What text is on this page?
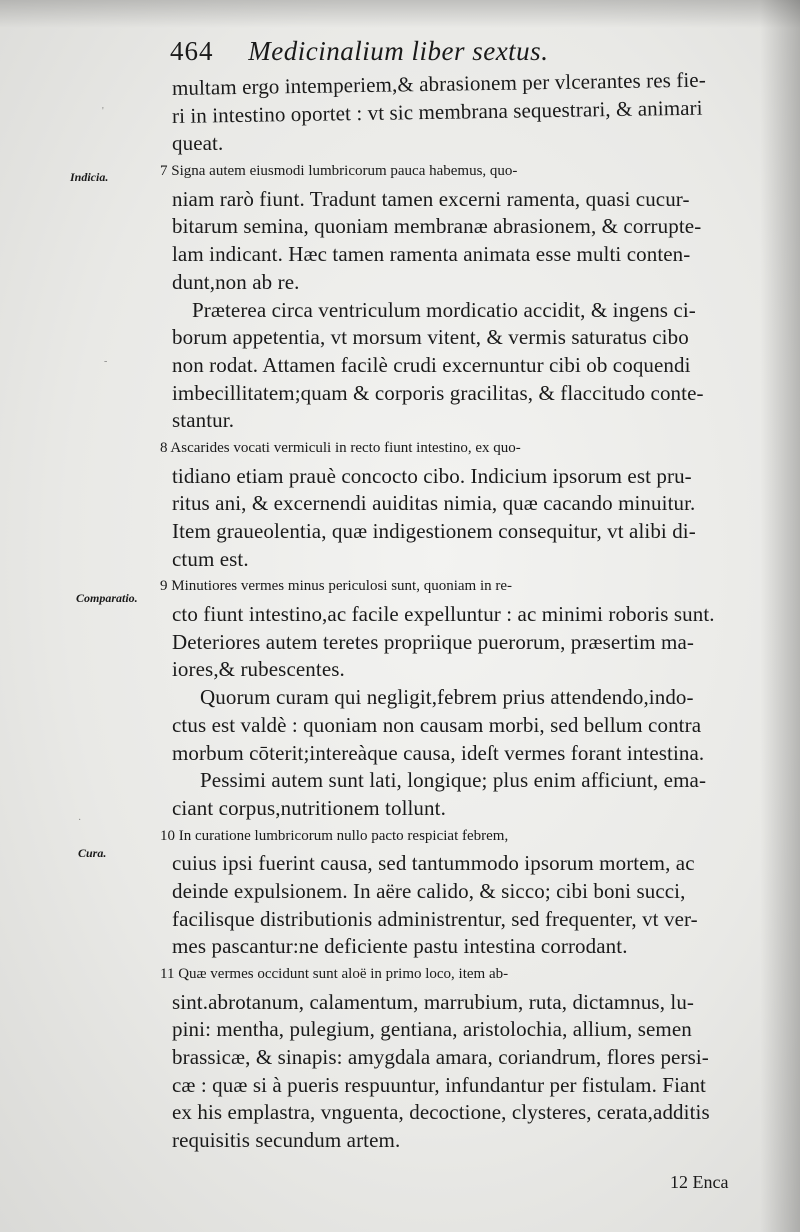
464 Medicinalium liber sextus.
Indicia.
Comparatio.
Cura.
'
-
·
multam ergo intemperiem,& abrasionem per vlcerantes res fie-
ri in intestino oportet : vt sic membrana sequestrari, & animari
queat.
7 Signa autem eiusmodi lumbricorum pauca habemus, quo-
niam rarò fiunt. Tradunt tamen excerni ramenta, quasi cucur-
bitarum semina, quoniam membranæ abrasionem, & corrupte-
lam indicant. Hæc tamen ramenta animata esse multi conten-
dunt,non ab re.
Præterea circa ventriculum mordicatio accidit, & ingens ci-
borum appetentia, vt morsum vitent, & vermis saturatus cibo
non rodat. Attamen facilè crudi excernuntur cibi ob coquendi
imbecillitatem;quam & corporis gracilitas, & flaccitudo conte-
stantur.
8 Ascarides vocati vermiculi in recto fiunt intestino, ex quo-
tidiano etiam prauè concocto cibo. Indicium ipsorum est pru-
ritus ani, & excernendi auiditas nimia, quæ cacando minuitur.
Item graueolentia, quæ indigestionem consequitur, vt alibi di-
ctum est.
9 Minutiores vermes minus periculosi sunt, quoniam in re-
cto fiunt intestino,ac facile expelluntur : ac minimi roboris sunt.
Deteriores autem teretes propriique puerorum, præsertim ma-
iores,& rubescentes.
Quorum curam qui negligit,febrem prius attendendo,indo-
ctus est valdè : quoniam non causam morbi, sed bellum contra
morbum cōterit;intereàque causa, ideſt vermes forant intestina.
Pessimi autem sunt lati, longique; plus enim afficiunt, ema-
ciant corpus,nutritionem tollunt.
10 In curatione lumbricorum nullo pacto respiciat febrem,
cuius ipsi fuerint causa, sed tantummodo ipsorum mortem, ac
deinde expulsionem. In aëre calido, & sicco; cibi boni succi,
facilisque distributionis administrentur, sed frequenter, vt ver-
mes pascantur:ne deficiente pastu intestina corrodant.
11 Quæ vermes occidunt sunt aloë in primo loco, item ab-
sint.abrotanum, calamentum, marrubium, ruta, dictamnus, lu-
pini: mentha, pulegium, gentiana, aristolochia, allium, semen
brassicæ, & sinapis: amygdala amara, coriandrum, flores persi-
cæ : quæ si à pueris respuuntur, infundantur per fistulam. Fiant
ex his emplastra, vnguenta, decoctione, clysteres, cerata,additis
requisitis secundum artem.
12 Enca
